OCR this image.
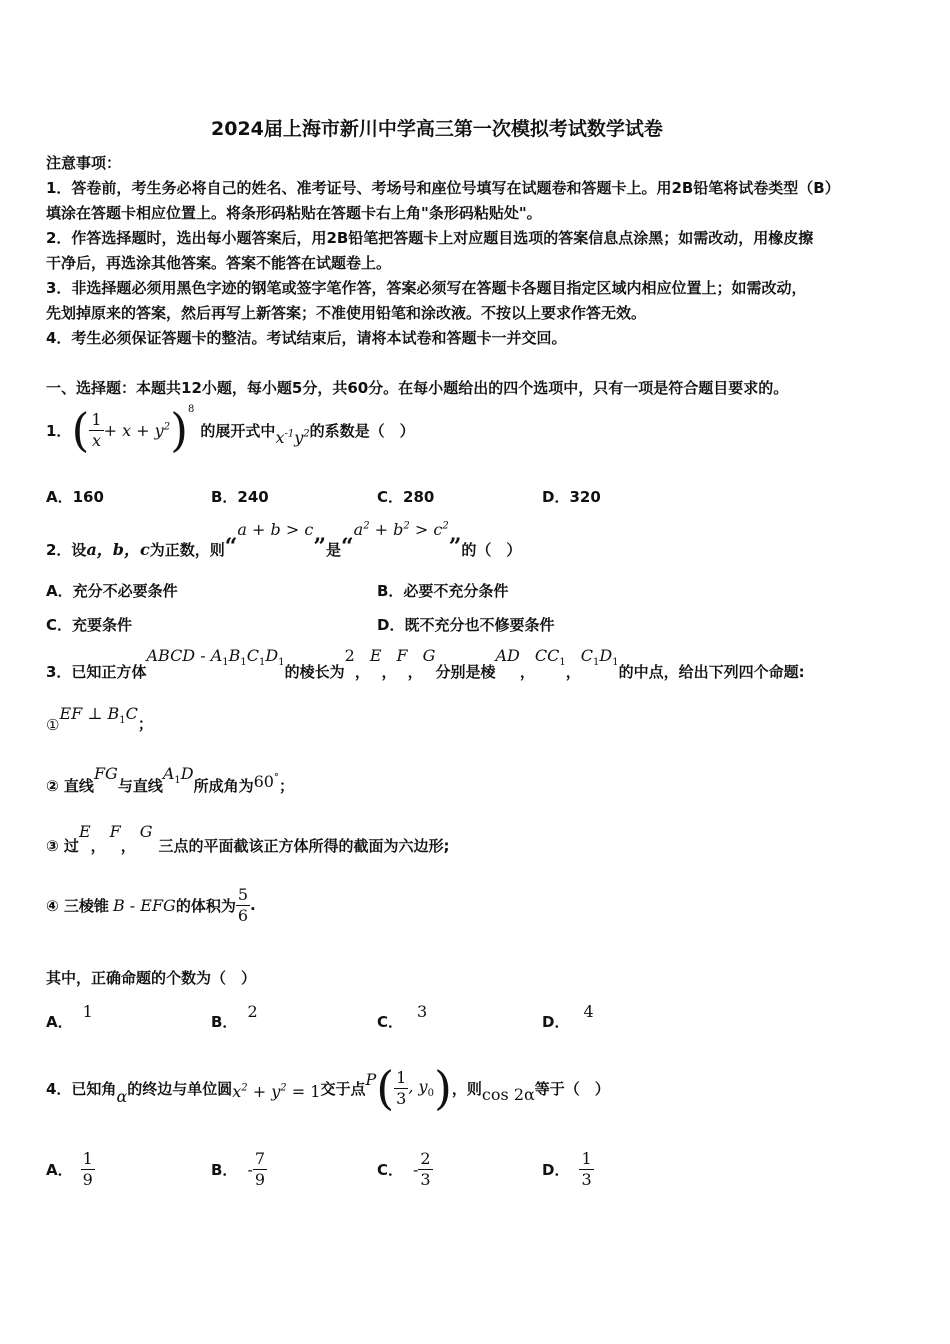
2024届上海市新川中学高三第一次模拟考试数学试卷
注意事项：
1．答卷前，考生务必将自己的姓名、准考证号、考场号和座位号填写在试题卷和答题卡上。用2B铅笔将试卷类型（B）
填涂在答题卡相应位置上。将条形码粘贴在答题卡右上角"条形码粘贴处"。
2．作答选择题时，选出每小题答案后，用2B铅笔把答题卡上对应题目选项的答案信息点涂黑；如需改动，用橡皮擦
干净后，再选涂其他答案。答案不能答在试题卷上。
3．非选择题必须用黑色字迹的钢笔或签字笔作答，答案必须写在答题卡各题目指定区域内相应位置上；如需改动，
先划掉原来的答案，然后再写上新答案；不准使用铅笔和涂改液。不按以上要求作答无效。
4．考生必须保证答题卡的整洁。考试结束后，请将本试卷和答题卡一并交回。
一、选择题：本题共12小题，每小题5分，共60分。在每小题给出的四个选项中，只有一项是符合题目要求的。
1． ( $\frac{1}{x} + x + y^2$ ) 8
的展开式中 $x^{-1}y^2$ 的系数是（　）
A．160	B．240	C．280	D．320
2．设 a，b，c 为正数，则 “
a + b > c
” 是 “
$a^2 + b^2 > c^2$
” 的（　）
A．充分不必要条件	B．必要不充分条件
C．充要条件	D．既不充分也不修要条件
3．已知正方体
ABCD - $A_1B_1C_1D_1$
的棱长为
2
，
E
，
F
，
G
分别是棱
AD
，
$CC_1$
，
$C_1D_1$
的中点，给出下列四个命题:
①
EF ⊥ $B_1C$
；
② 直线
FG
与直线
$A_1D$
所成角为 60° ；
③ 过
E
，
F
，
G
三点的平面截该正方体所得的截面为六边形;
④ 三棱锥 B - EFG 的体积为 $\frac{5}{6}$ .
其中，正确命题的个数为（　）
A．
1
B．
2
C．
3
D．
4
4．已知角 α 的终边与单位圆 $x^2 + y^2 = 1$ 交于点 P ( $\frac{1}{3}$ , $y_0$ ) ，则 cos 2α 等于（　）
A． $\frac{1}{9}$	B． - $\frac{7}{9}$	C． - $\frac{2}{3}$	D． $\frac{1}{3}$
